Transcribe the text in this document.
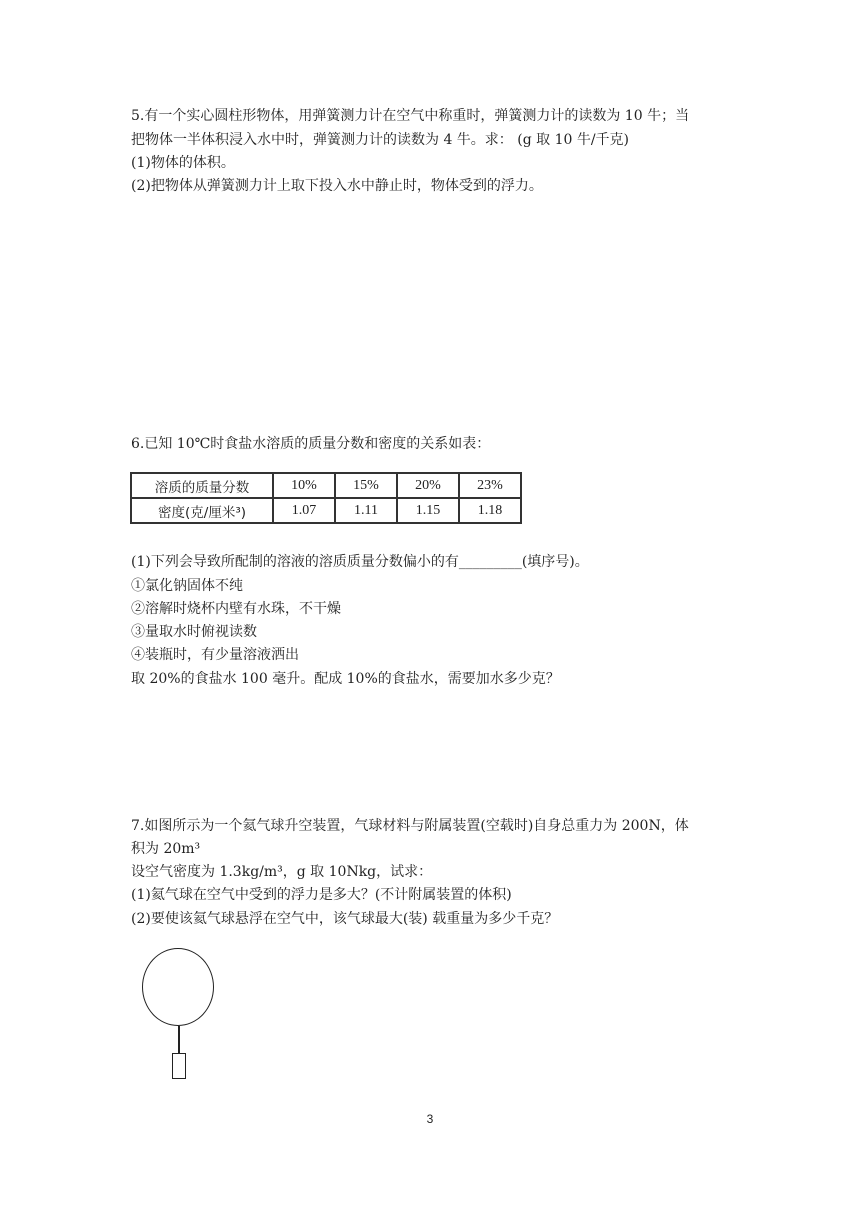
5.有一个实心圆柱形物体，用弹簧测力计在空气中称重时，弹簧测力计的读数为 10 牛；当
把物体一半体积浸入水中时，弹簧测力计的读数为 4 牛。求： (g 取 10 牛/千克)
(1)物体的体积。
(2)把物体从弹簧测力计上取下投入水中静止时，物体受到的浮力。
6.已知 10℃时食盐水溶质的质量分数和密度的关系如表：
溶质的质量分数	10%	15%	20%	23%
密度(克/厘米³)	1.07	1.11	1.15	1.18
(1)下列会导致所配制的溶液的溶质质量分数偏小的有_________(填序号)。
①氯化钠固体不纯
②溶解时烧杯内壁有水珠，不干燥
③量取水时俯视读数
④装瓶时，有少量溶液洒出
取 20%的食盐水 100 毫升。配成 10%的食盐水，需要加水多少克？
7.如图所示为一个氦气球升空装置，气球材料与附属装置(空载时)自身总重力为 200N，体
积为 20m³
设空气密度为 1.3kg/m³，g 取 10Nkg，试求：
(1)氦气球在空气中受到的浮力是多大？(不计附属装置的体积)
(2)要使该氦气球悬浮在空气中，该气球最大(装) 载重量为多少千克？
3
